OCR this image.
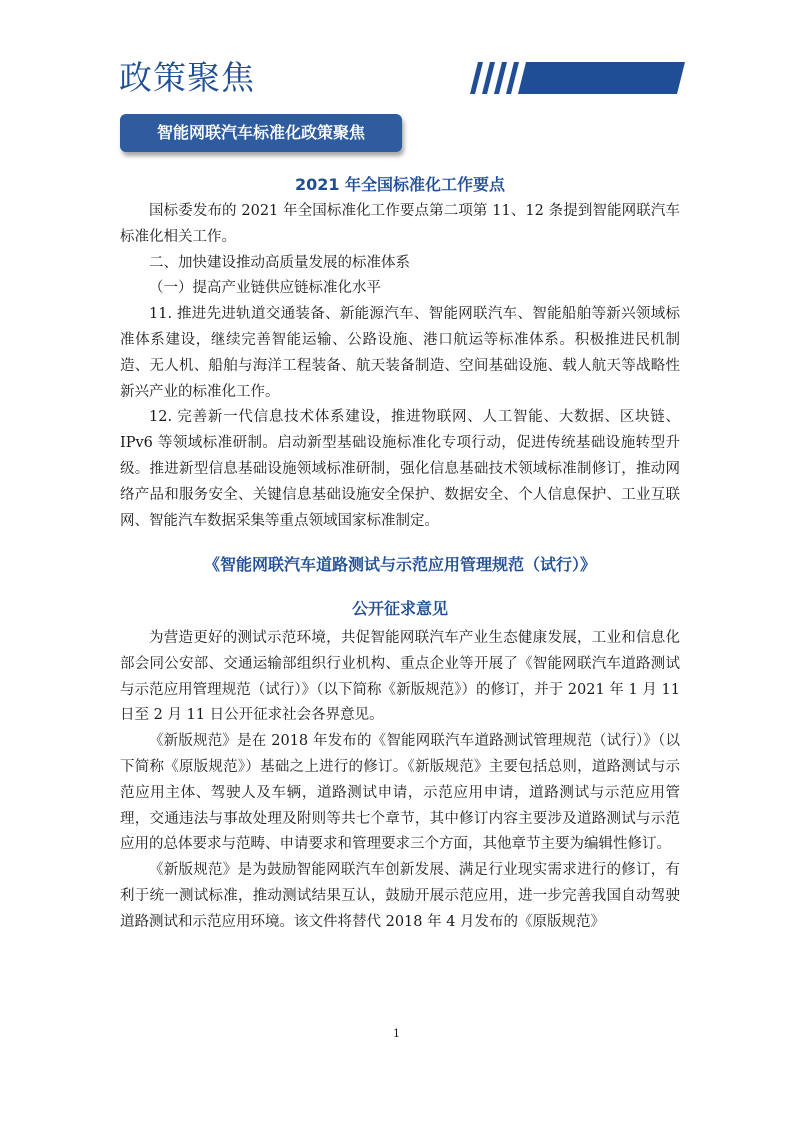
政策聚焦
智能网联汽车标准化政策聚焦
2021 年全国标准化工作要点

国标委发布的 2021 年全国标准化工作要点第二项第 11、12 条提到智能网联汽车标准化相关工作。

二、加快建设推动高质量发展的标准体系

（一）提高产业链供应链标准化水平

11. 推进先进轨道交通装备、新能源汽车、智能网联汽车、智能船舶等新兴领域标准体系建设，继续完善智能运输、公路设施、港口航运等标准体系。积极推进民机制造、无人机、船舶与海洋工程装备、航天装备制造、空间基础设施、载人航天等战略性新兴产业的标准化工作。

12. 完善新一代信息技术体系建设，推进物联网、人工智能、大数据、区块链、IPv6 等领域标准研制。启动新型基础设施标准化专项行动，促进传统基础设施转型升级。推进新型信息基础设施领域标准研制，强化信息基础技术领域标准制修订，推动网络产品和服务安全、关键信息基础设施安全保护、数据安全、个人信息保护、工业互联网、智能汽车数据采集等重点领域国家标准制定。

《智能网联汽车道路测试与示范应用管理规范（试行）》
公开征求意见

为营造更好的测试示范环境，共促智能网联汽车产业生态健康发展，工业和信息化部会同公安部、交通运输部组织行业机构、重点企业等开展了《智能网联汽车道路测试与示范应用管理规范（试行）》（以下简称《新版规范》）的修订，并于 2021 年 1 月 11 日至 2 月 11 日公开征求社会各界意见。

《新版规范》是在 2018 年发布的《智能网联汽车道路测试管理规范（试行）》（以下简称《原版规范》）基础之上进行的修订。《新版规范》主要包括总则，道路测试与示范应用主体、驾驶人及车辆，道路测试申请，示范应用申请，道路测试与示范应用管理，交通违法与事故处理及附则等共七个章节，其中修订内容主要涉及道路测试与示范应用的总体要求与范畴、申请要求和管理要求三个方面，其他章节主要为编辑性修订。

《新版规范》是为鼓励智能网联汽车创新发展、满足行业现实需求进行的修订，有利于统一测试标准，推动测试结果互认，鼓励开展示范应用，进一步完善我国自动驾驶道路测试和示范应用环境。该文件将替代 2018 年 4 月发布的《原版规范》

1
